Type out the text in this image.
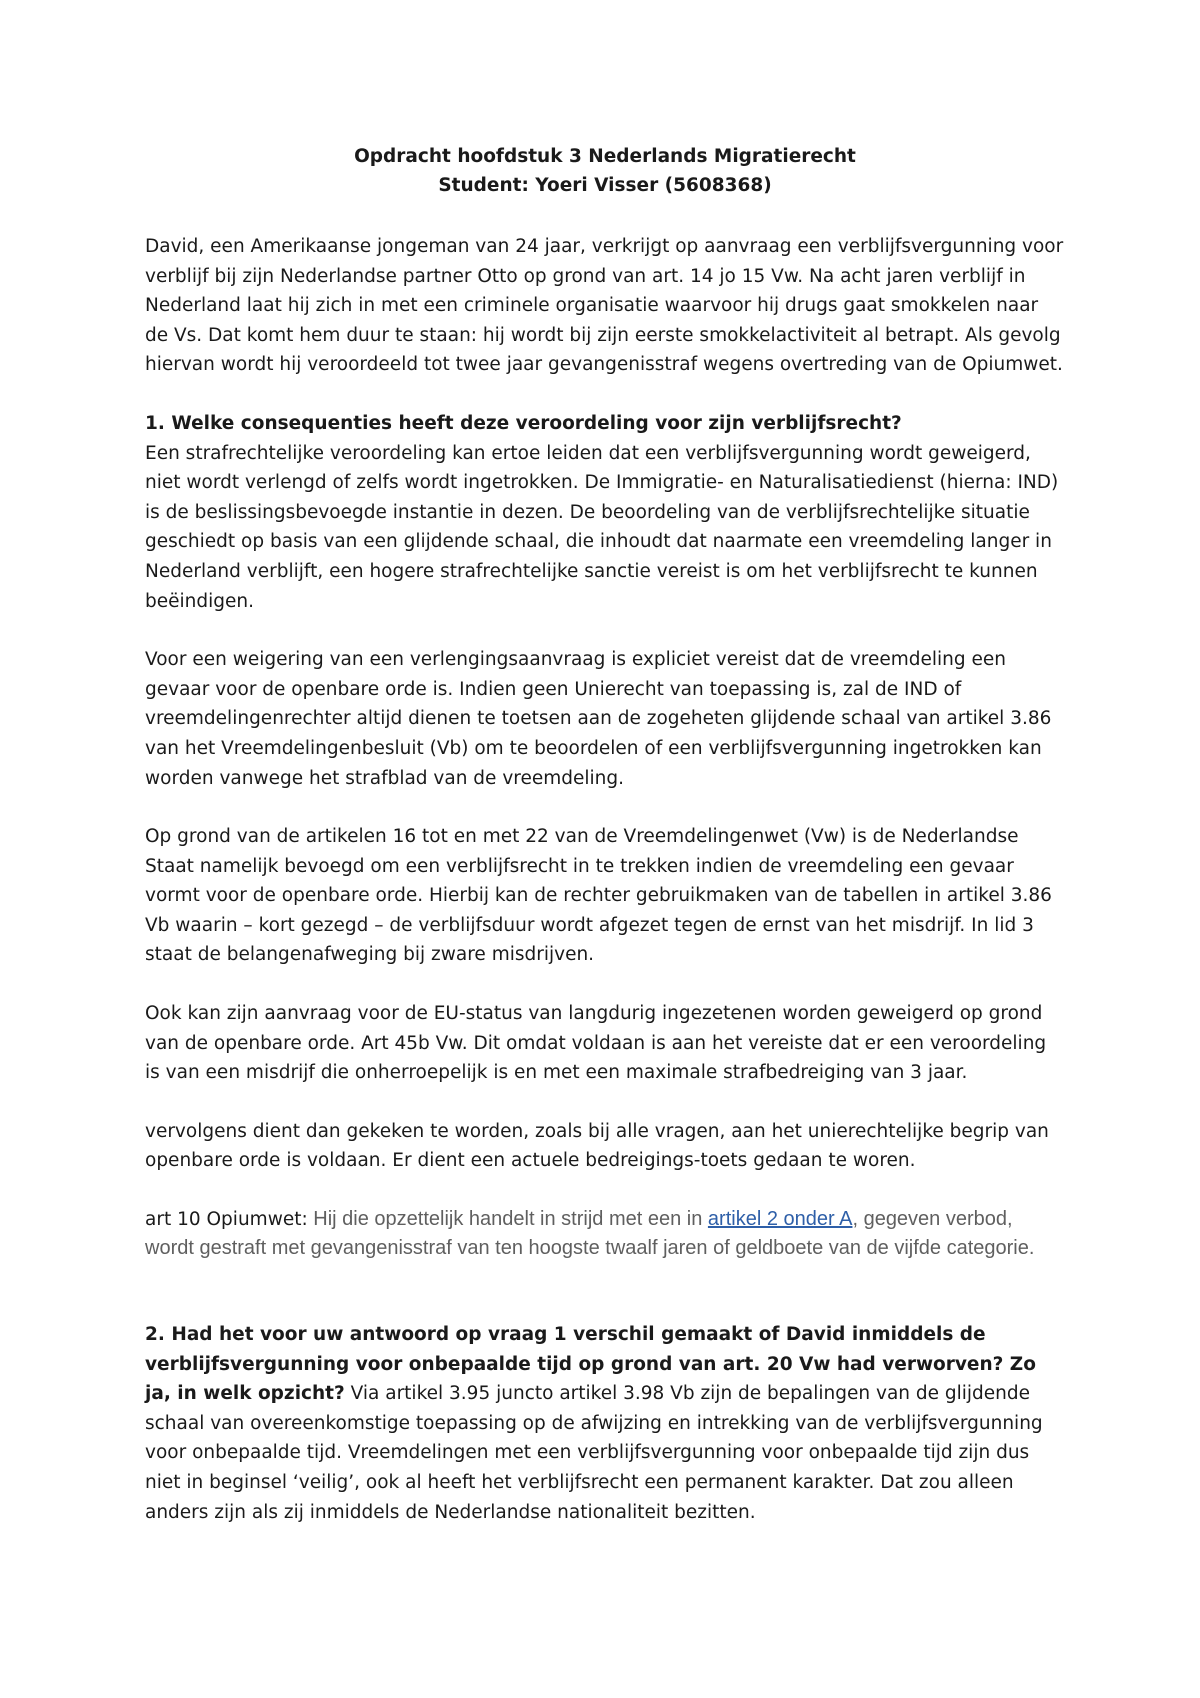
Opdracht hoofdstuk 3 Nederlands Migratierecht
Student: Yoeri Visser (5608368)

David, een Amerikaanse jongeman van 24 jaar, verkrijgt op aanvraag een verblijfsvergunning voor verblijf bij zijn Nederlandse partner Otto op grond van art. 14 jo 15 Vw. Na acht jaren verblijf in Nederland laat hij zich in met een criminele organisatie waarvoor hij drugs gaat smokkelen naar de Vs. Dat komt hem duur te staan: hij wordt bij zijn eerste smokkelactiviteit al betrapt. Als gevolg hiervan wordt hij veroordeeld tot twee jaar gevangenisstraf wegens overtreding van de Opiumwet.

1. Welke consequenties heeft deze veroordeling voor zijn verblijfsrecht?

Een strafrechtelijke veroordeling kan ertoe leiden dat een verblijfsvergunning wordt geweigerd, niet wordt verlengd of zelfs wordt ingetrokken. De Immigratie- en Naturalisatiedienst (hierna: IND) is de beslissingsbevoegde instantie in dezen. De beoordeling van de verblijfsrechtelijke situatie geschiedt op basis van een glijdende schaal, die inhoudt dat naarmate een vreemdeling langer in Nederland verblijft, een hogere strafrechtelijke sanctie vereist is om het verblijfsrecht te kunnen beëindigen.

Voor een weigering van een verlengingsaanvraag is expliciet vereist dat de vreemdeling een gevaar voor de openbare orde is. Indien geen Unierecht van toepassing is, zal de IND of vreemdelingenrechter altijd dienen te toetsen aan de zogeheten glijdende schaal van artikel 3.86 van het Vreemdelingenbesluit (Vb) om te beoordelen of een verblijfsvergunning ingetrokken kan worden vanwege het strafblad van de vreemdeling.

Op grond van de artikelen 16 tot en met 22 van de Vreemdelingenwet (Vw) is de Nederlandse Staat namelijk bevoegd om een verblijfsrecht in te trekken indien de vreemdeling een gevaar vormt voor de openbare orde. Hierbij kan de rechter gebruikmaken van de tabellen in artikel 3.86 Vb waarin – kort gezegd – de verblijfsduur wordt afgezet tegen de ernst van het misdrijf. In lid 3 staat de belangenafweging bij zware misdrijven.

Ook kan zijn aanvraag voor de EU-status van langdurig ingezetenen worden geweigerd op grond van de openbare orde. Art 45b Vw. Dit omdat voldaan is aan het vereiste dat er een veroordeling is van een misdrijf die onherroepelijk is en met een maximale strafbedreiging van 3 jaar.

vervolgens dient dan gekeken te worden, zoals bij alle vragen, aan het unierechtelijke begrip van openbare orde is voldaan. Er dient een actuele bedreigings-toets gedaan te woren.

art 10 Opiumwet: Hij die opzettelijk handelt in strijd met een in artikel 2 onder A, gegeven verbod, wordt gestraft met gevangenisstraf van ten hoogste twaalf jaren of geldboete van de vijfde categorie.

2. Had het voor uw antwoord op vraag 1 verschil gemaakt of David inmiddels de verblijfsvergunning voor onbepaalde tijd op grond van art. 20 Vw had verworven? Zo ja, in welk opzicht? Via artikel 3.95 juncto artikel 3.98 Vb zijn de bepalingen van de glijdende schaal van overeenkomstige toepassing op de afwijzing en intrekking van de verblijfsvergunning voor onbepaalde tijd. Vreemdelingen met een verblijfsvergunning voor onbepaalde tijd zijn dus niet in beginsel ‘veilig’, ook al heeft het verblijfsrecht een permanent karakter. Dat zou alleen anders zijn als zij inmiddels de Nederlandse nationaliteit bezitten.
